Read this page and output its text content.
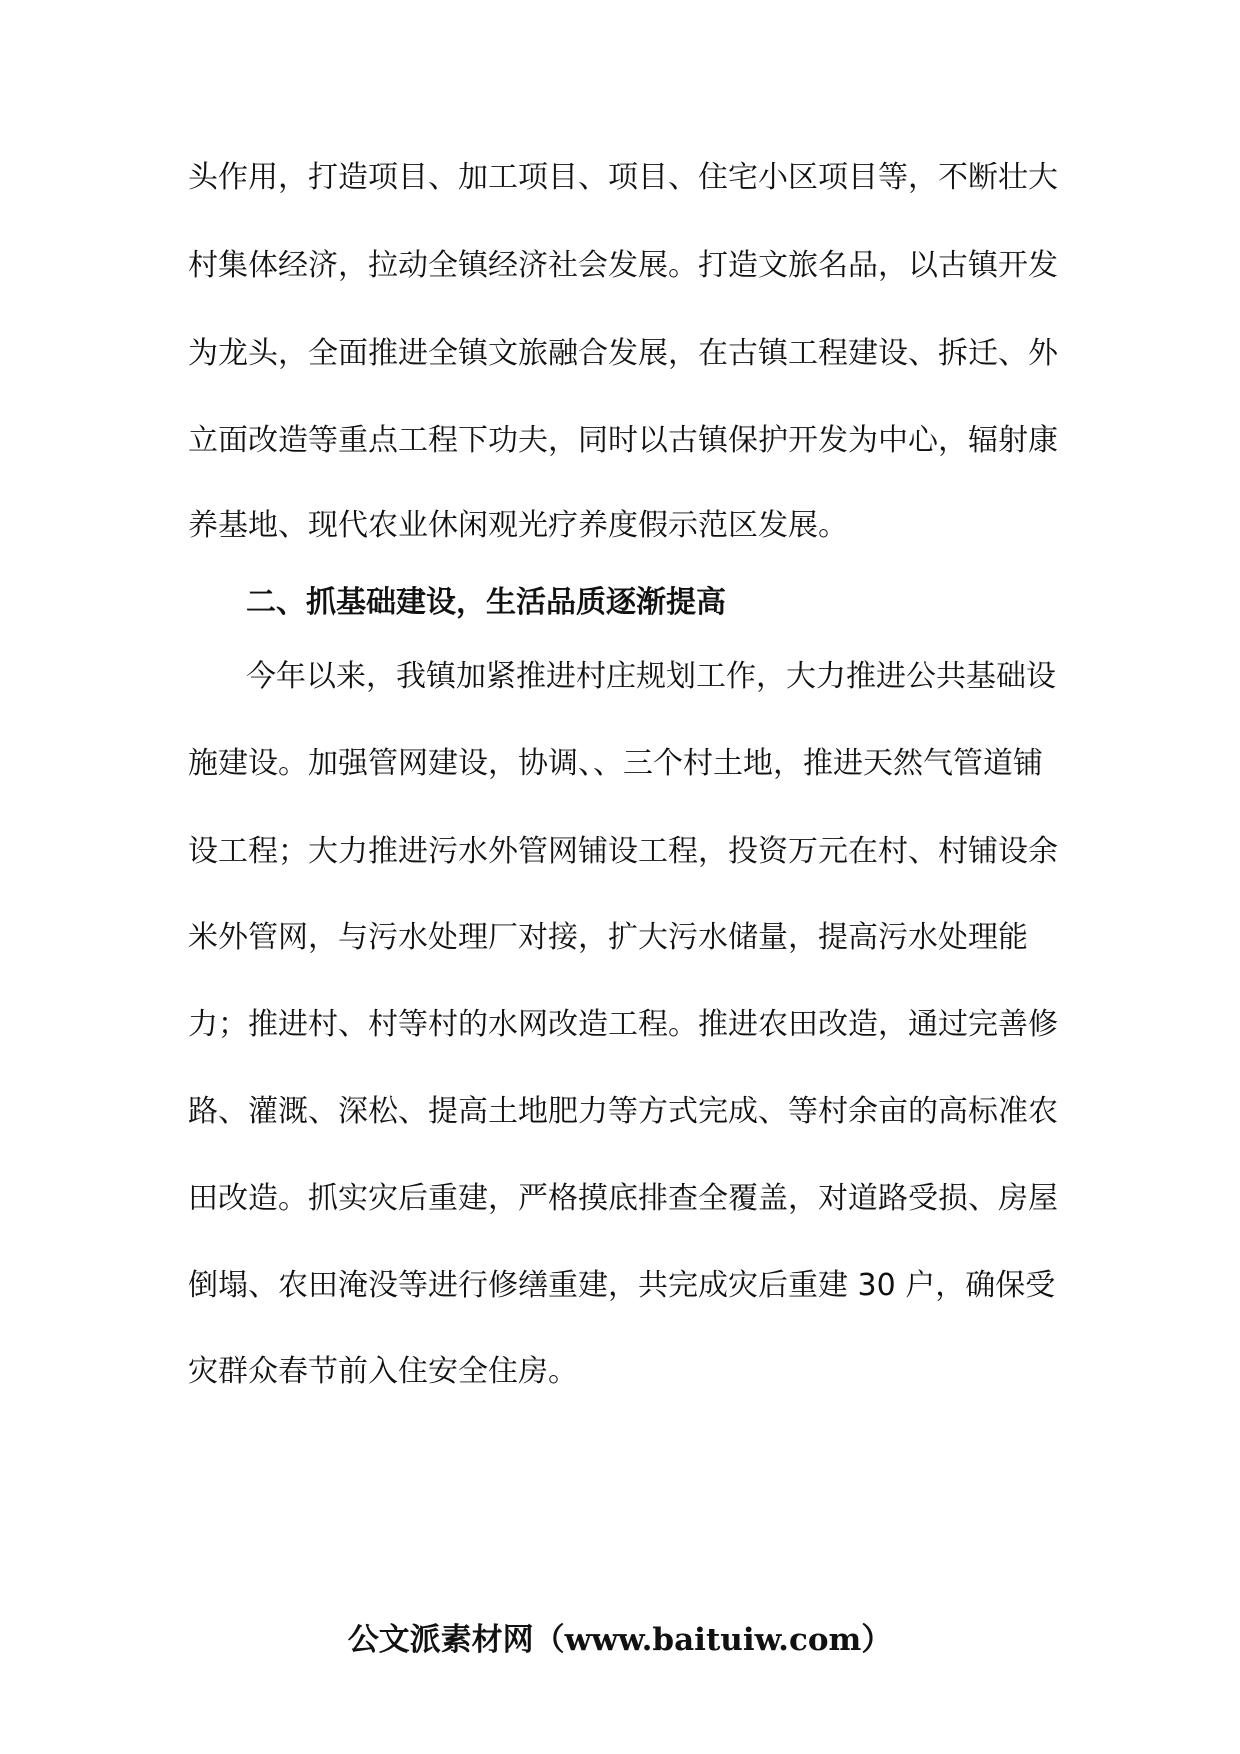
头作用，打造项目、加工项目、项目、住宅小区项目等，不断壮大
村集体经济，拉动全镇经济社会发展。打造文旅名品，以古镇开发
为龙头，全面推进全镇文旅融合发展，在古镇工程建设、拆迁、外
立面改造等重点工程下功夫，同时以古镇保护开发为中心，辐射康
养基地、现代农业休闲观光疗养度假示范区发展。
二、抓基础建设，生活品质逐渐提高
今年以来，我镇加紧推进村庄规划工作，大力推进公共基础设
施建设。加强管网建设，协调、、三个村土地，推进天然气管道铺
设工程；大力推进污水外管网铺设工程，投资万元在村、村铺设余
米外管网，与污水处理厂对接，扩大污水储量，提高污水处理能
力；推进村、村等村的水网改造工程。推进农田改造，通过完善修
路、灌溉、深松、提高土地肥力等方式完成、等村余亩的高标准农
田改造。抓实灾后重建，严格摸底排查全覆盖，对道路受损、房屋
倒塌、农田淹没等进行修缮重建，共完成灾后重建 30 户，确保受
灾群众春节前入住安全住房。
公文派素材网（www.baituiw.com）
